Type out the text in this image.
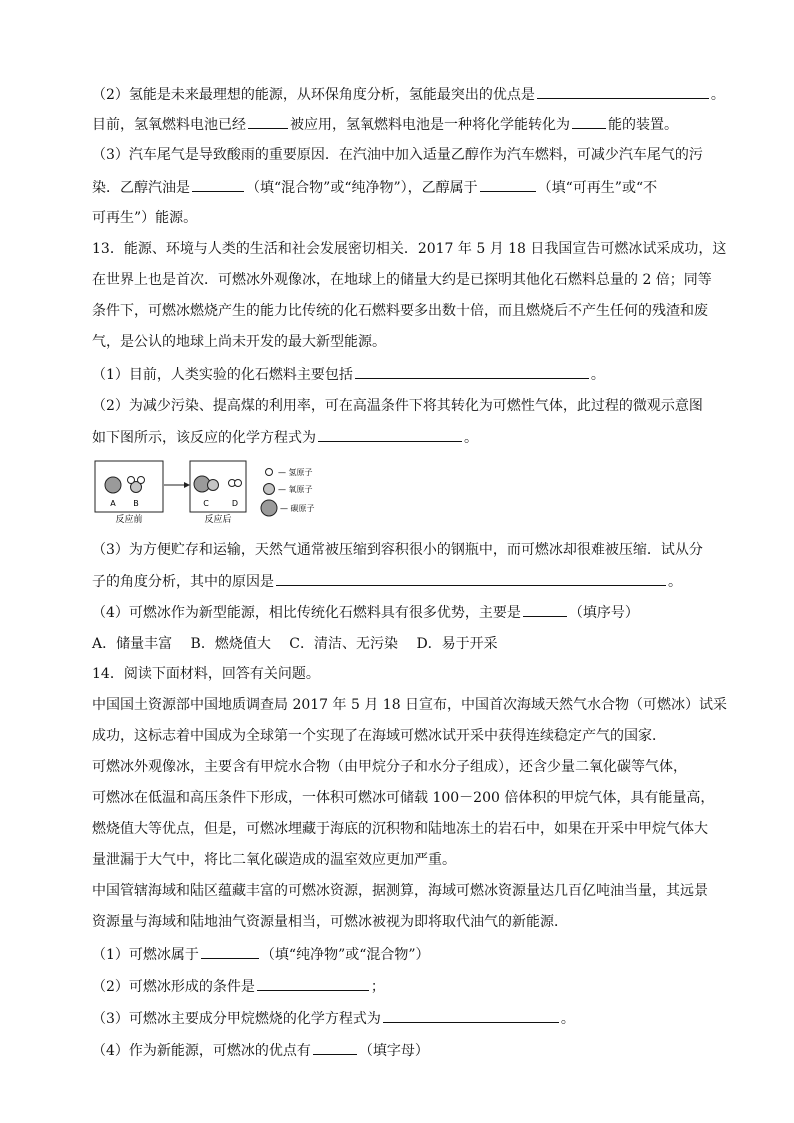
（2）氢能是未来最理想的能源，从环保角度分析，氢能最突出的优点是	。
目前，氢氧燃料电池已经	被应用，氢氧燃料电池是一种将化学能转化为	能的装置。
（3）汽车尾气是导致酸雨的重要原因．在汽油中加入适量乙醇作为汽车燃料，可减少汽车尾气的污
染．乙醇汽油是	（填“混合物”或“纯净物”），乙醇属于	（填“可再生”或“不
可再生”）能源。
13．能源、环境与人类的生活和社会发展密切相关．2017 年 5 月 18 日我国宣告可燃冰试采成功，这
在世界上也是首次．可燃冰外观像冰，在地球上的储量大约是已探明其他化石燃料总量的 2 倍；同等
条件下，可燃冰燃烧产生的能力比传统的化石燃料要多出数十倍，而且燃烧后不产生任何的残渣和废
气，是公认的地球上尚未开发的最大新型能源。
（1）目前，人类实验的化石燃料主要包括	。
（2）为减少污染、提高煤的利用率，可在高温条件下将其转化为可燃性气体，此过程的微观示意图
如下图所示，该反应的化学方程式为	。
A B
反应前
C	D
反应后
— 氢原子
— 氧原子
— 碳原子
（3）为方便贮存和运输，天然气通常被压缩到容积很小的钢瓶中，而可燃冰却很难被压缩．试从分
子的角度分析，其中的原因是	。
（4）可燃冰作为新型能源，相比传统化石燃料具有很多优势，主要是	（填序号）
A．储量丰富　 B．燃烧值大　 C．清洁、无污染　 D．易于开采
14．阅读下面材料，回答有关问题。
中国国土资源部中国地质调查局 2017 年 5 月 18 日宣布，中国首次海域天然气水合物（可燃冰）试采
成功，这标志着中国成为全球第一个实现了在海域可燃冰试开采中获得连续稳定产气的国家．
可燃冰外观像冰，主要含有甲烷水合物（由甲烷分子和水分子组成），还含少量二氧化碳等气体，
可燃冰在低温和高压条件下形成，一体积可燃冰可储载 100－200 倍体积的甲烷气体，具有能量高，
燃烧值大等优点，但是，可燃冰埋藏于海底的沉积物和陆地冻土的岩石中，如果在开采中甲烷气体大
量泄漏于大气中，将比二氧化碳造成的温室效应更加严重。
中国管辖海域和陆区蕴藏丰富的可燃冰资源，据测算，海域可燃冰资源量达几百亿吨油当量，其远景
资源量与海域和陆地油气资源量相当，可燃冰被视为即将取代油气的新能源．
（1）可燃冰属于	（填“纯净物”或“混合物”）
（2）可燃冰形成的条件是	；
（3）可燃冰主要成分甲烷燃烧的化学方程式为	。
（4）作为新能源，可燃冰的优点有	（填字母）
